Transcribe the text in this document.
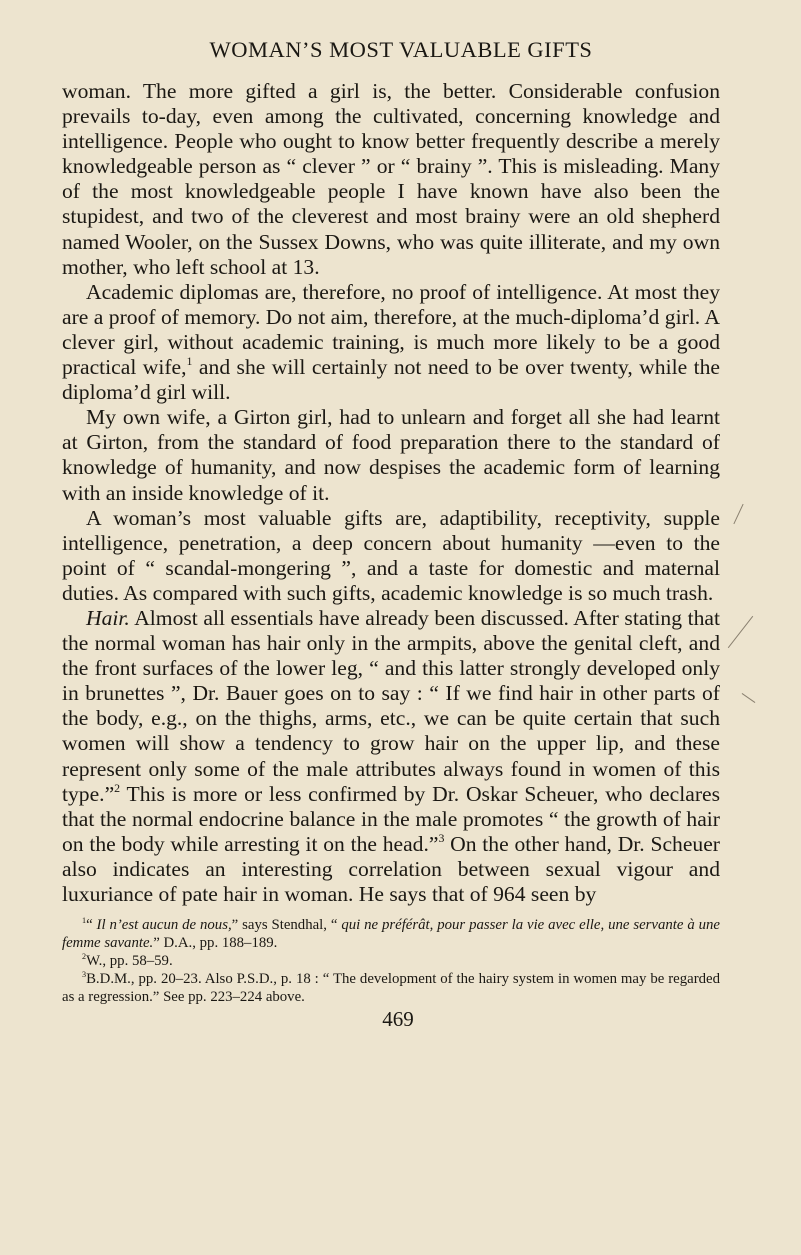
WOMAN’S MOST VALUABLE GIFTS

woman. The more gifted a girl is, the better. Considerable confusion prevails to-day, even among the cultivated, concerning knowledge and intelligence. People who ought to know better frequently describe a merely knowledgeable person as “ clever ” or “ brainy ”. This is misleading. Many of the most knowledgeable people I have known have also been the stupidest, and two of the cleverest and most brainy were an old shepherd named Wooler, on the Sussex Downs, who was quite illiterate, and my own mother, who left school at 13.

Academic diplomas are, therefore, no proof of intelligence. At most they are a proof of memory. Do not aim, therefore, at the much-diploma’d girl. A clever girl, without academic training, is much more likely to be a good practical wife,$^1$ and she will certainly not need to be over twenty, while the diploma’d girl will.

My own wife, a Girton girl, had to unlearn and forget all she had learnt at Girton, from the standard of food preparation there to the standard of knowledge of humanity, and now despises the academic form of learning with an inside knowledge of it.

A woman’s most valuable gifts are, adaptibility, receptivity, supple intelligence, penetration, a deep concern about humanity —even to the point of “ scandal-mongering ”, and a taste for domestic and maternal duties. As compared with such gifts, academic knowledge is so much trash.

Hair. Almost all essentials have already been discussed. After stating that the normal woman has hair only in the armpits, above the genital cleft, and the front surfaces of the lower leg, “ and this latter strongly developed only in brunettes ”, Dr. Bauer goes on to say : “ If we find hair in other parts of the body, e.g., on the thighs, arms, etc., we can be quite certain that such women will show a tendency to grow hair on the upper lip, and these represent only some of the male attributes always found in women of this type.”$^2$ This is more or less confirmed by Dr. Oskar Scheuer, who declares that the normal endocrine balance in the male promotes “ the growth of hair on the body while arresting it on the head.”$^3$ On the other hand, Dr. Scheuer also indicates an interesting correlation between sexual vigour and luxuriance of pate hair in woman. He says that of 964 seen by

$^1$“ Il n’est aucun de nous,” says Stendhal, “ qui ne préférât, pour passer la vie avec elle, une servante à une femme savante.” D.A., pp. 188–189.

$^2$W., pp. 58–59.

$^3$B.D.M., pp. 20–23. Also P.S.D., p. 18 : “ The development of the hairy system in women may be regarded as a regression.” See pp. 223–224 above.

469
